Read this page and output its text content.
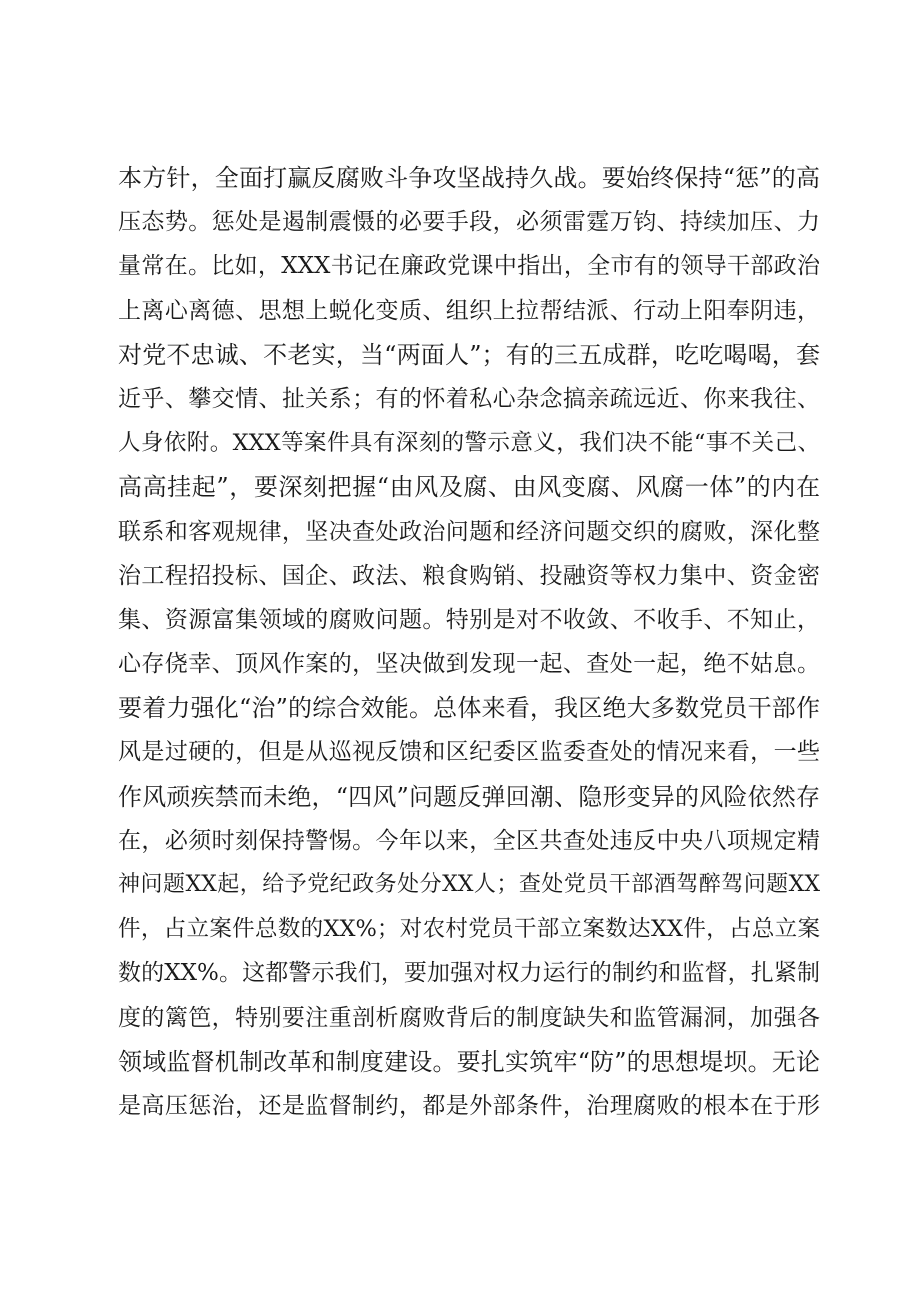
本方针，全面打赢反腐败斗争攻坚战持久战。要始终保持“惩”的高
压态势。惩处是遏制震慑的必要手段，必须雷霆万钧、持续加压、力
量常在。比如，XXX书记在廉政党课中指出，全市有的领导干部政治
上离心离德、思想上蜕化变质、组织上拉帮结派、行动上阳奉阴违，
对党不忠诚、不老实，当“两面人”；有的三五成群，吃吃喝喝，套
近乎、攀交情、扯关系；有的怀着私心杂念搞亲疏远近、你来我往、
人身依附。XXX等案件具有深刻的警示意义，我们决不能“事不关己、
高高挂起”，要深刻把握“由风及腐、由风变腐、风腐一体”的内在
联系和客观规律，坚决查处政治问题和经济问题交织的腐败，深化整
治工程招投标、国企、政法、粮食购销、投融资等权力集中、资金密
集、资源富集领域的腐败问题。特别是对不收敛、不收手、不知止，
心存侥幸、顶风作案的，坚决做到发现一起、查处一起，绝不姑息。
要着力强化“治”的综合效能。总体来看，我区绝大多数党员干部作
风是过硬的，但是从巡视反馈和区纪委区监委查处的情况来看，一些
作风顽疾禁而未绝，“四风”问题反弹回潮、隐形变异的风险依然存
在，必须时刻保持警惕。今年以来，全区共查处违反中央八项规定精
神问题XX起，给予党纪政务处分XX人；查处党员干部酒驾醉驾问题XX
件，占立案件总数的XX%；对农村党员干部立案数达XX件，占总立案
数的XX%。这都警示我们，要加强对权力运行的制约和监督，扎紧制
度的篱笆，特别要注重剖析腐败背后的制度缺失和监管漏洞，加强各
领域监督机制改革和制度建设。要扎实筑牢“防”的思想堤坝。无论
是高压惩治，还是监督制约，都是外部条件，治理腐败的根本在于形
